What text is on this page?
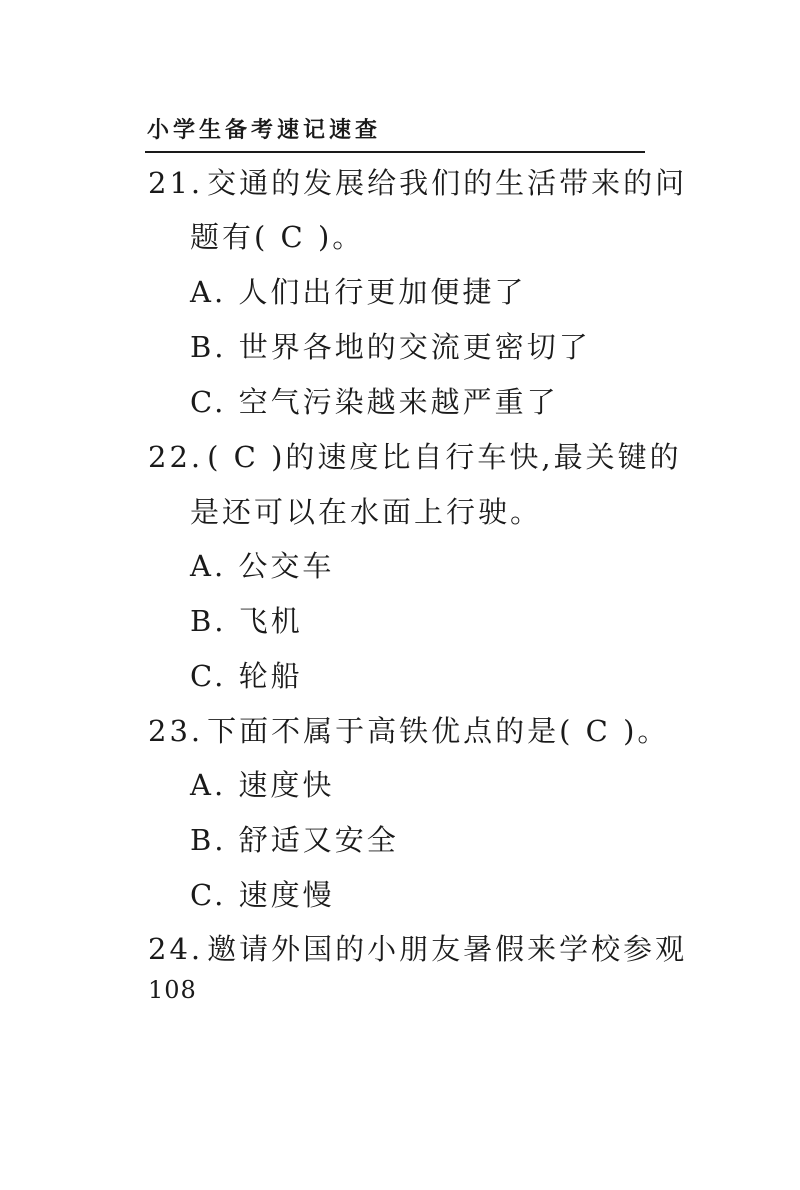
小学生备考速记速查
21. 交通的发展给我们的生活带来的问
题有( C )。
A. 人们出行更加便捷了
B. 世界各地的交流更密切了
C. 空气污染越来越严重了
22. ( C )的速度比自行车快,最关键的
是还可以在水面上行驶。
A. 公交车
B. 飞机
C. 轮船
23. 下面不属于高铁优点的是( C )。
A. 速度快
B. 舒适又安全
C. 速度慢
24. 邀请外国的小朋友暑假来学校参观
108
